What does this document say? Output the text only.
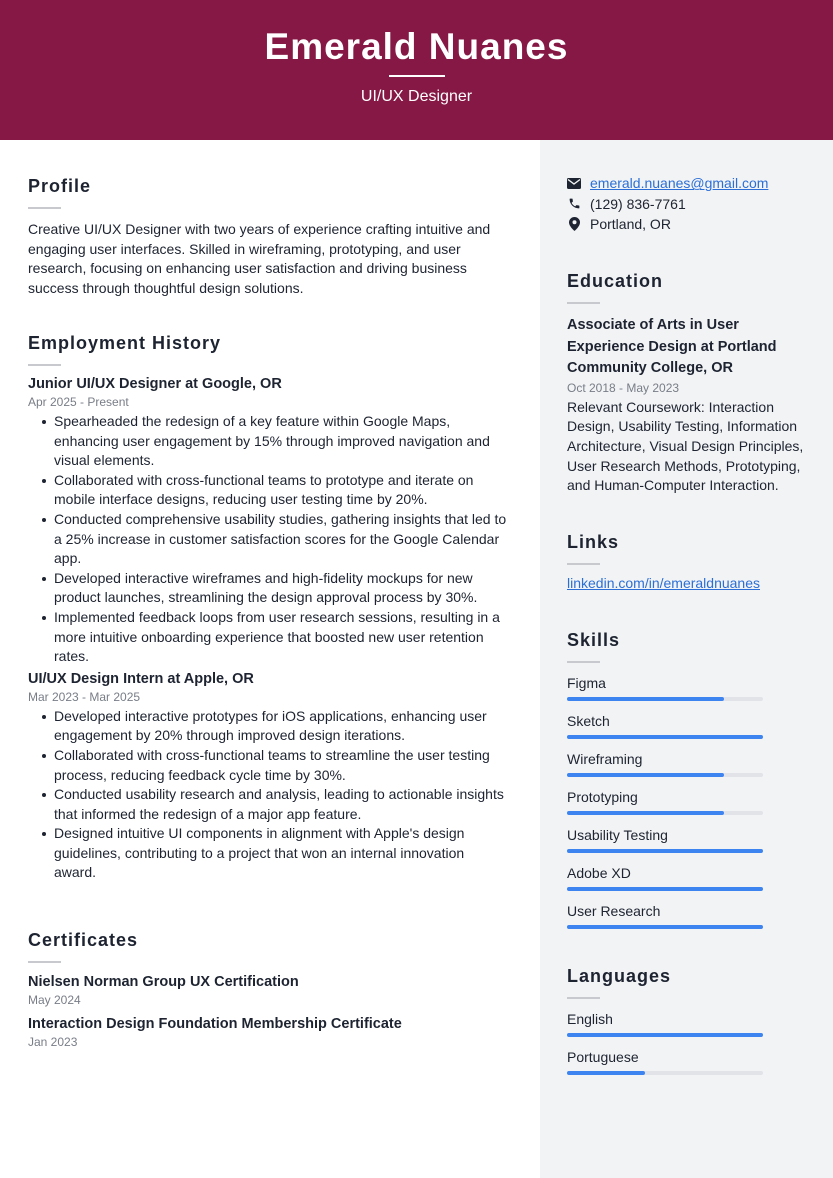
Emerald Nuanes
UI/UX Designer
Profile
Creative UI/UX Designer with two years of experience crafting intuitive and engaging user interfaces. Skilled in wireframing, prototyping, and user research, focusing on enhancing user satisfaction and driving business success through thoughtful design solutions.
Employment History
Junior UI/UX Designer at Google, OR
Apr 2025 - Present
Spearheaded the redesign of a key feature within Google Maps, enhancing user engagement by 15% through improved navigation and visual elements.
Collaborated with cross-functional teams to prototype and iterate on mobile interface designs, reducing user testing time by 20%.
Conducted comprehensive usability studies, gathering insights that led to a 25% increase in customer satisfaction scores for the Google Calendar app.
Developed interactive wireframes and high-fidelity mockups for new product launches, streamlining the design approval process by 30%.
Implemented feedback loops from user research sessions, resulting in a more intuitive onboarding experience that boosted new user retention rates.
UI/UX Design Intern at Apple, OR
Mar 2023 - Mar 2025
Developed interactive prototypes for iOS applications, enhancing user engagement by 20% through improved design iterations.
Collaborated with cross-functional teams to streamline the user testing process, reducing feedback cycle time by 30%.
Conducted usability research and analysis, leading to actionable insights that informed the redesign of a major app feature.
Designed intuitive UI components in alignment with Apple's design guidelines, contributing to a project that won an internal innovation award.
Certificates
Nielsen Norman Group UX Certification
May 2024
Interaction Design Foundation Membership Certificate
Jan 2023
emerald.nuanes@gmail.com
(129) 836-7761
Portland, OR
Education
Associate of Arts in User Experience Design at Portland Community College, OR
Oct 2018 - May 2023
Relevant Coursework: Interaction Design, Usability Testing, Information Architecture, Visual Design Principles, User Research Methods, Prototyping, and Human-Computer Interaction.
Links
linkedin.com/in/emeraldnuanes
Skills
Figma
Sketch
Wireframing
Prototyping
Usability Testing
Adobe XD
User Research
Languages
English
Portuguese
